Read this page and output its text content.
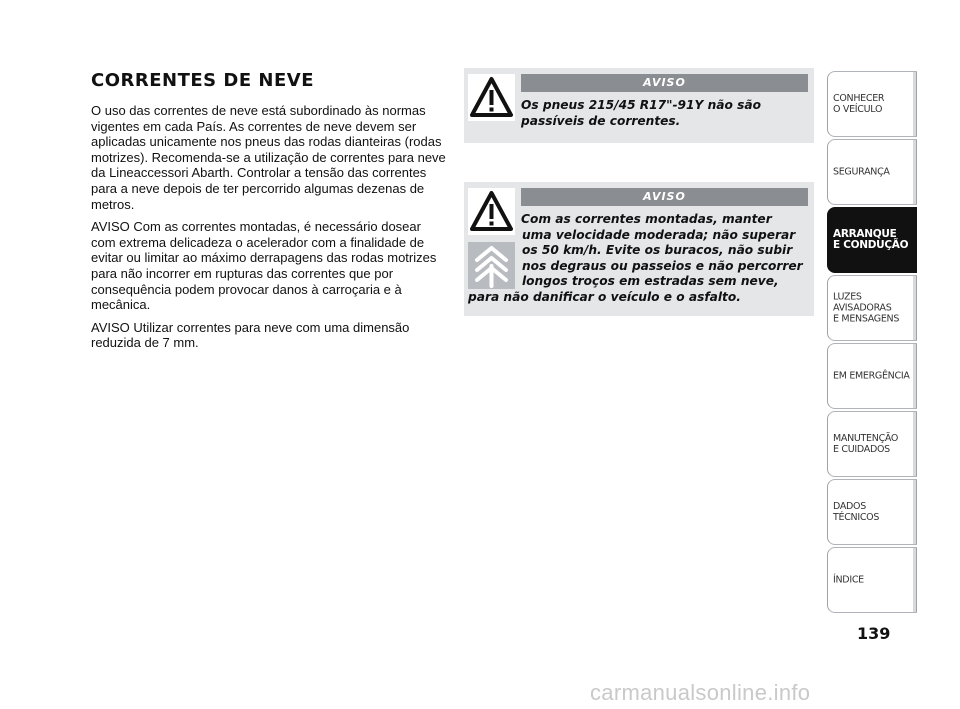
CORRENTES DE NEVE

O uso das correntes de neve está subordinado às normas vigentes em cada País. As correntes de neve devem ser aplicadas unicamente nos pneus das rodas dianteiras (rodas motrizes). Recomenda-se a utilização de correntes para neve da Lineaccessori Abarth. Controlar a tensão das correntes para a neve depois de ter percorrido algumas dezenas de metros.

AVISO Com as correntes montadas, é necessário dosear com extrema delicadeza o acelerador com a finalidade de evitar ou limitar ao máximo derrapagens das rodas motrizes para não incorrer em rupturas das correntes que por consequência podem provocar danos à carroçaria e à mecânica.

AVISO Utilizar correntes para neve com uma dimensão reduzida de 7 mm.

AVISO
Os pneus 215/45 R17"-91Y não são
passíveis de correntes.
AVISO
Com as correntes montadas, manter
uma velocidade moderada; não superar
os 50 km/h. Evite os buracos, não subir
nos degraus ou passeios e não percorrer
longos troços em estradas sem neve,
para não danificar o veículo e o asfalto.
CONHECER
O VEÍCULO
SEGURANÇA
ARRANQUE
E CONDUÇÃO
LUZES
AVISADORAS
E MENSAGENS
EM EMERGÊNCIA
MANUTENÇÃO
E CUIDADOS
DADOS
TÉCNICOS
ÍNDICE
139
carmanualsonline.info
